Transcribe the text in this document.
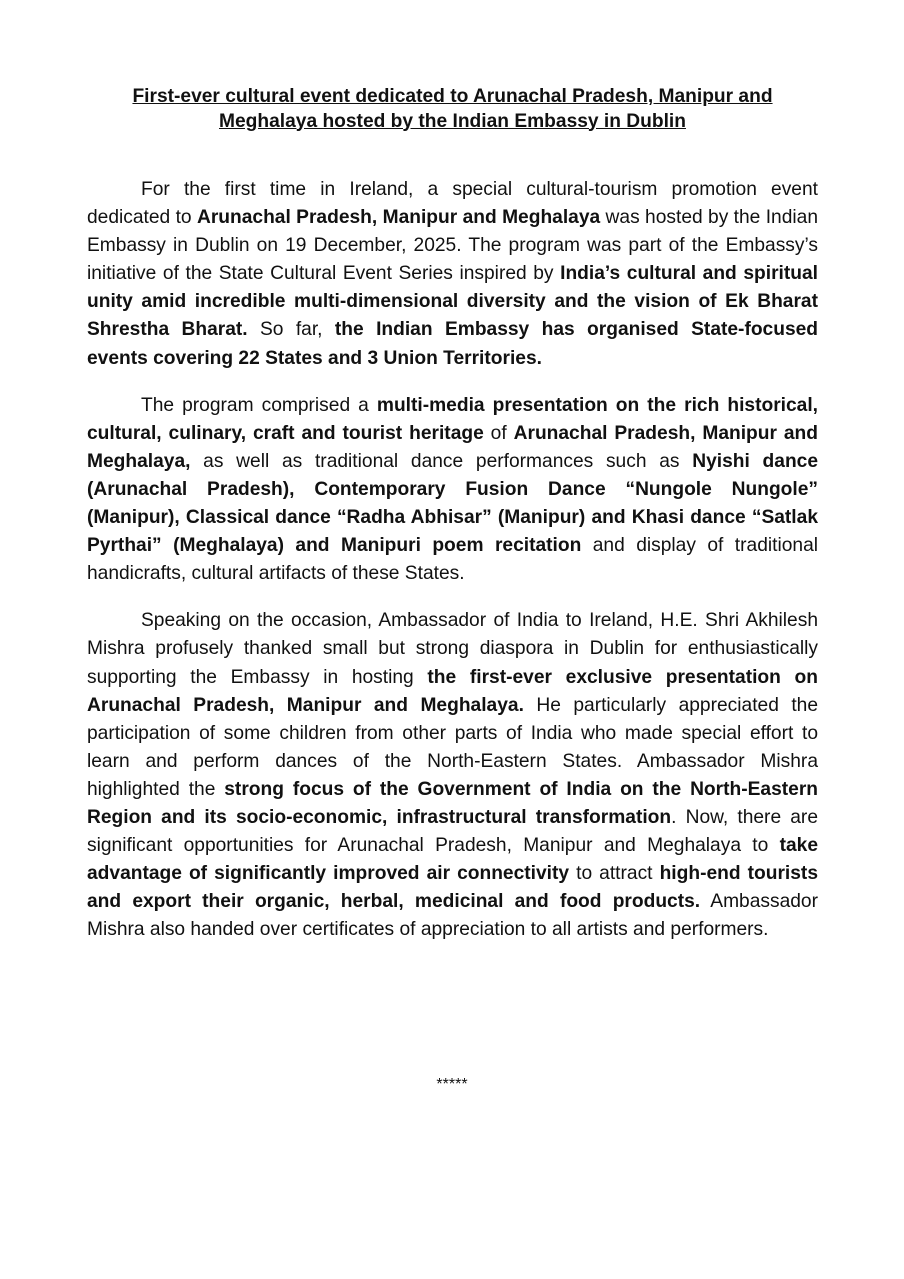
First-ever cultural event dedicated to Arunachal Pradesh, Manipur and Meghalaya hosted by the Indian Embassy in Dublin

For the first time in Ireland, a special cultural-tourism promotion event dedicated to Arunachal Pradesh, Manipur and Meghalaya was hosted by the Indian Embassy in Dublin on 19 December, 2025. The program was part of the Embassy’s initiative of the State Cultural Event Series inspired by India’s cultural and spiritual unity amid incredible multi-dimensional diversity and the vision of Ek Bharat Shrestha Bharat. So far, the Indian Embassy has organised State-focused events covering 22 States and 3 Union Territories.

The program comprised a multi-media presentation on the rich historical, cultural, culinary, craft and tourist heritage of Arunachal Pradesh, Manipur and Meghalaya, as well as traditional dance performances such as Nyishi dance (Arunachal Pradesh), Contemporary Fusion Dance “Nungole Nungole” (Manipur), Classical dance “Radha Abhisar” (Manipur) and Khasi dance “Satlak Pyrthai” (Meghalaya) and Manipuri poem recitation and display of traditional handicrafts, cultural artifacts of these States.

Speaking on the occasion, Ambassador of India to Ireland, H.E. Shri Akhilesh Mishra profusely thanked small but strong diaspora in Dublin for enthusiastically supporting the Embassy in hosting the first-ever exclusive presentation on Arunachal Pradesh, Manipur and Meghalaya. He particularly appreciated the participation of some children from other parts of India who made special effort to learn and perform dances of the North-Eastern States. Ambassador Mishra highlighted the strong focus of the Government of India on the North-Eastern Region and its socio-economic, infrastructural transformation. Now, there are significant opportunities for Arunachal Pradesh, Manipur and Meghalaya to take advantage of significantly improved air connectivity to attract high-end tourists and export their organic, herbal, medicinal and food products. Ambassador Mishra also handed over certificates of appreciation to all artists and performers.

*****
